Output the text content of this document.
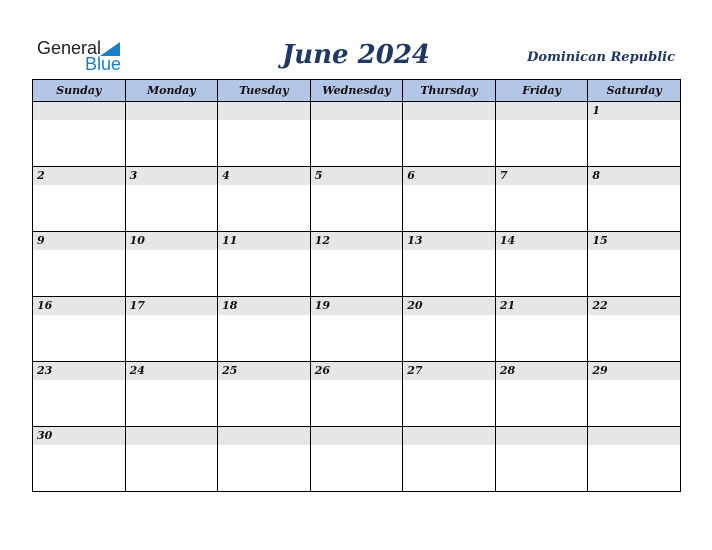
General
Blue	June 2024	Dominican Republic
Sunday	Monday	Tuesday	Wednesday	Thursday	Friday	Saturday

						1

2	3	4	5	6	7	8

9	10	11	12	13	14	15

16	17	18	19	20	21	22

23	24	25	26	27	28	29

30						
